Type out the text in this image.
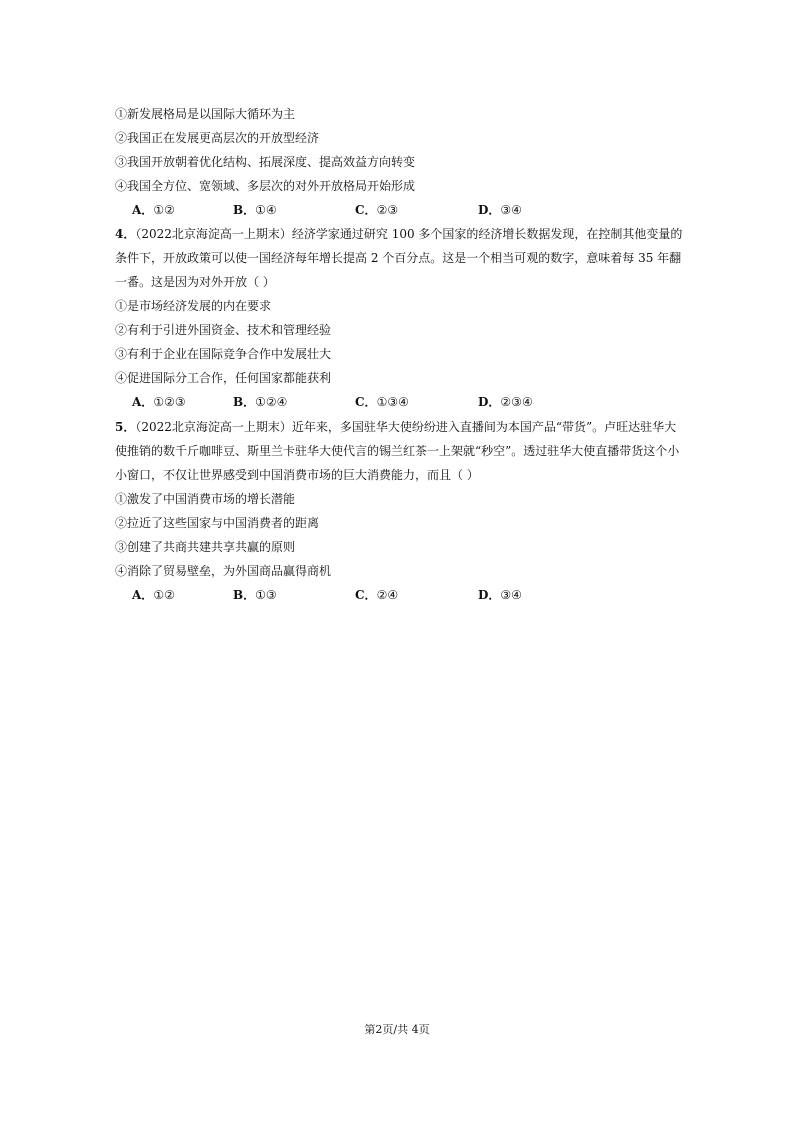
①新发展格局是以国际大循环为主
②我国正在发展更高层次的开放型经济
③我国开放朝着优化结构、拓展深度、提高效益方向转变
④我国全方位、宽领域、多层次的对外开放格局开始形成
A．①②	B．①④	C．②③	D．③④
4．（2022北京海淀高一上期末）经济学家通过研究 100 多个国家的经济增长数据发现，在控制其他变量的
条件下，开放政策可以使一国经济每年增长提高 2 个百分点。这是一个相当可观的数字，意味着每 35 年翻
一番。这是因为对外开放（ ）
①是市场经济发展的内在要求
②有利于引进外国资金、技术和管理经验
③有利于企业在国际竞争合作中发展壮大
④促进国际分工合作，任何国家都能获利
A．①②③	B．①②④	C．①③④	D．②③④
5．（2022北京海淀高一上期末）近年来，多国驻华大使纷纷进入直播间为本国产品“带货”。卢旺达驻华大
使推销的数千斤咖啡豆、斯里兰卡驻华大使代言的锡兰红茶一上架就“秒空”。透过驻华大使直播带货这个小
小窗口，不仅让世界感受到中国消费市场的巨大消费能力，而且（ ）
①激发了中国消费市场的增长潜能
②拉近了这些国家与中国消费者的距离
③创建了共商共建共享共赢的原则
④消除了贸易壁垒，为外国商品赢得商机
A．①②	B．①③	C．②④	D．③④
第2页/共 4页
